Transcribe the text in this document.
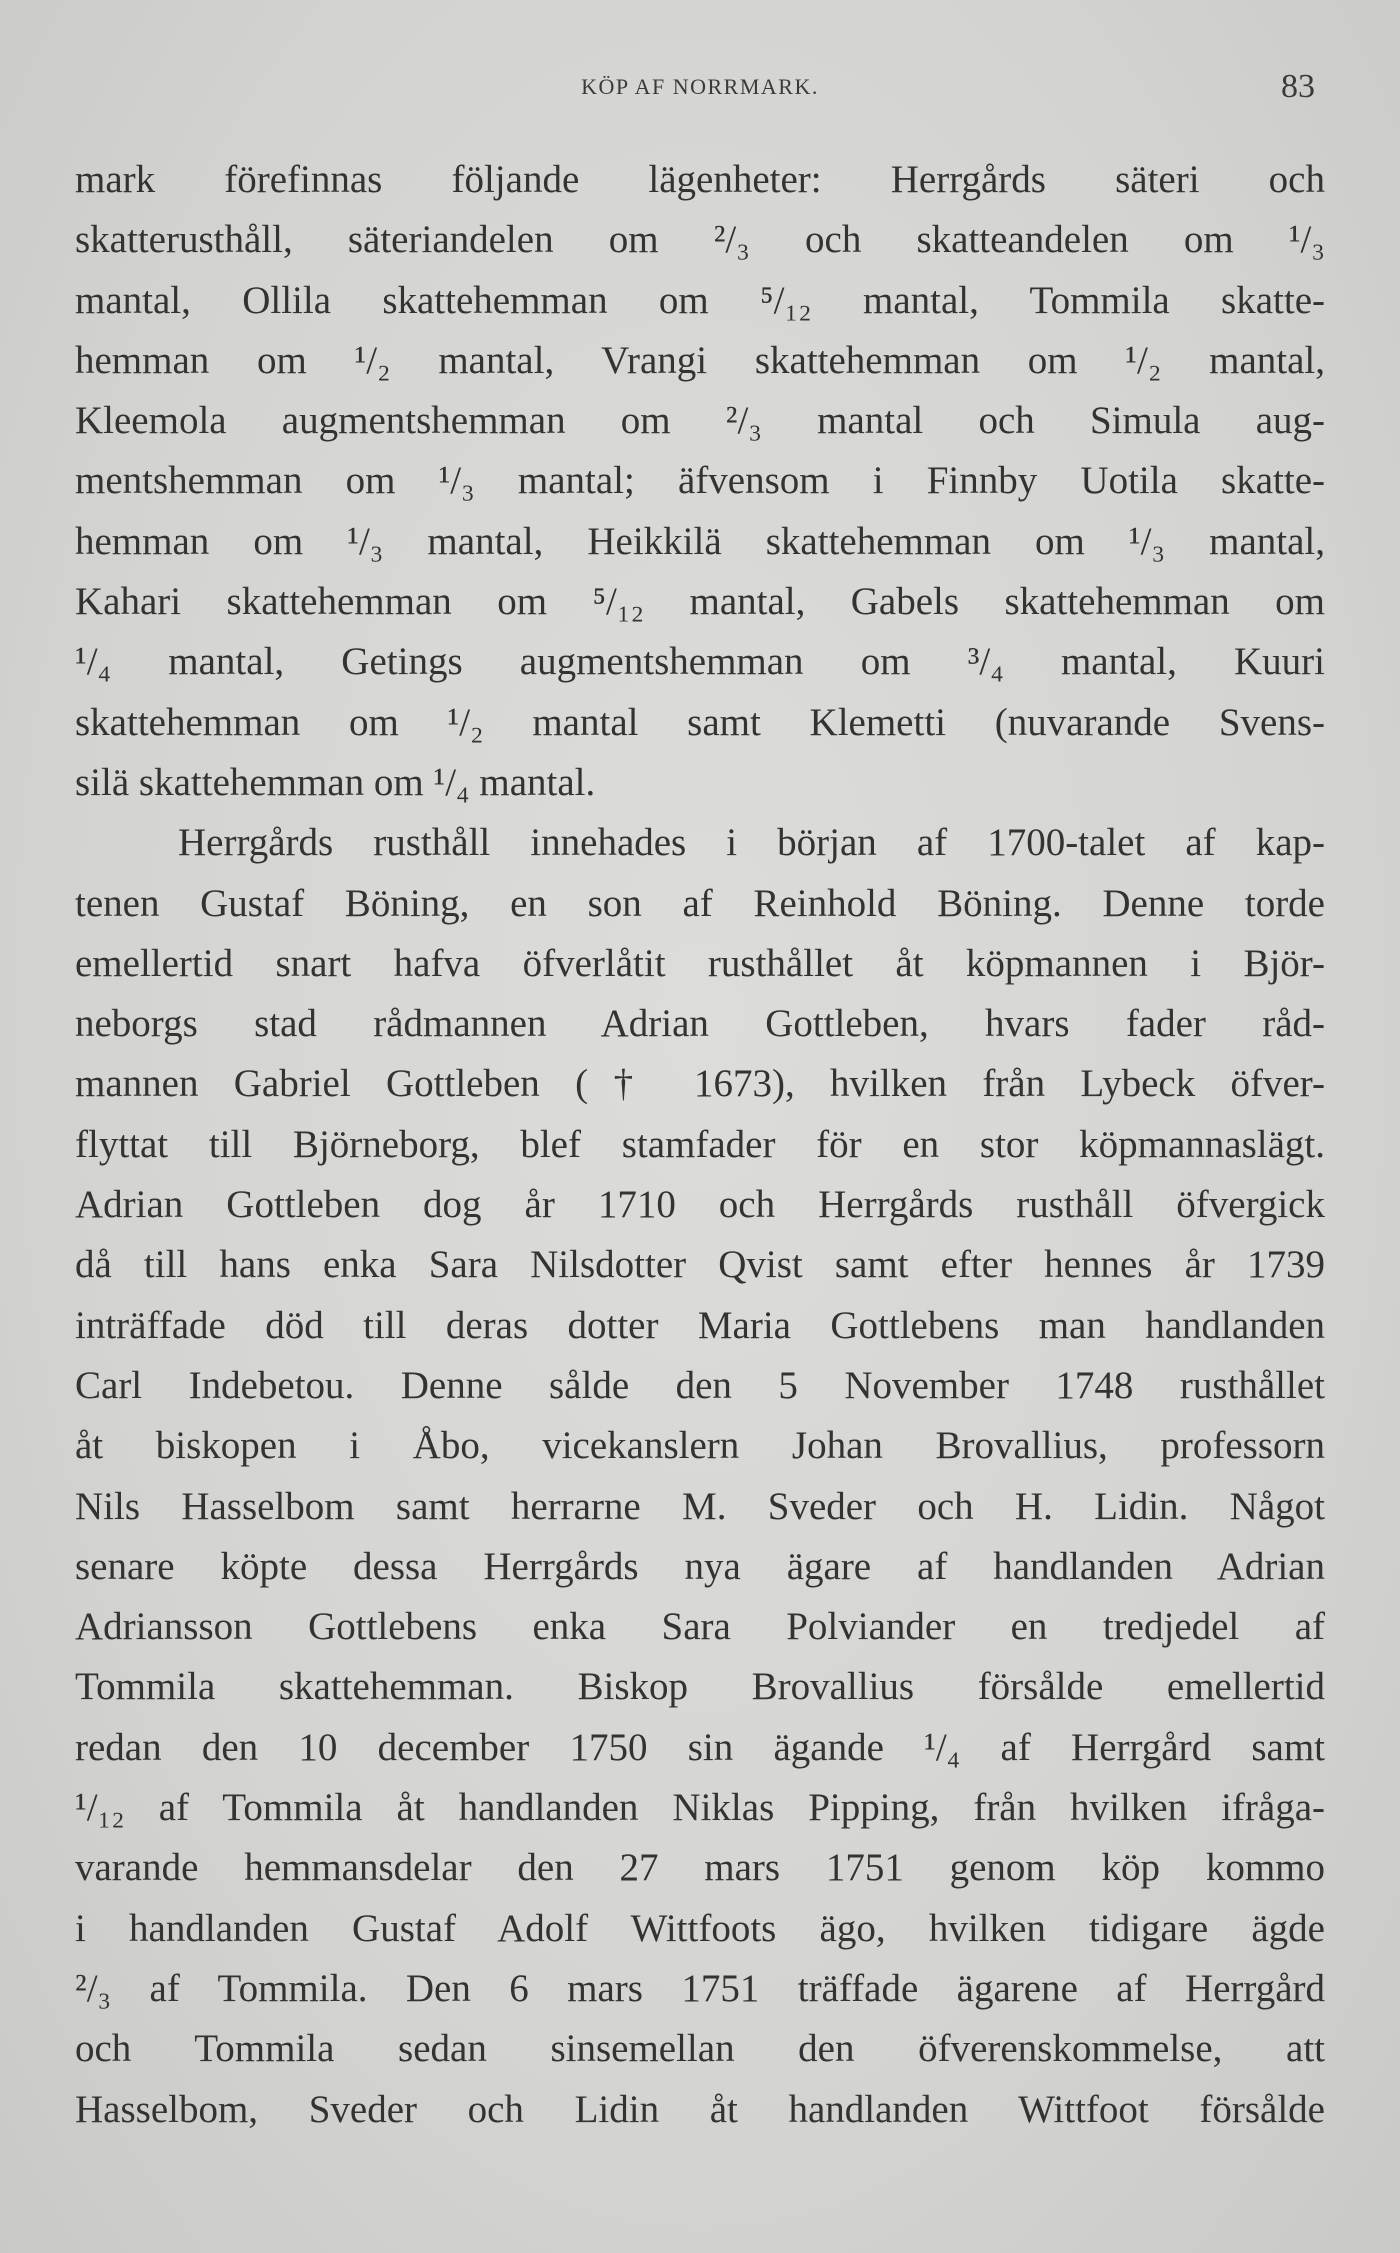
KÖP AF NORRMARK.	83
mark förefinnas följande lägenheter: Herrgårds säteri och
skatterusthåll, säteriandelen om ²/₃ och skatteandelen om ¹/₃
mantal, Ollila skattehemman om ⁵/₁₂ mantal, Tommila skatte-
hemman om ¹/₂ mantal, Vrangi skattehemman om ¹/₂ mantal,
Kleemola augmentshemman om ²/₃ mantal och Simula aug-
mentshemman om ¹/₃ mantal; äfvensom i Finnby Uotila skatte-
hemman om ¹/₃ mantal, Heikkilä skattehemman om ¹/₃ mantal,
Kahari skattehemman om ⁵/₁₂ mantal, Gabels skattehemman om
¹/₄ mantal, Getings augmentshemman om ³/₄ mantal, Kuuri
skattehemman om ¹/₂ mantal samt Klemetti (nuvarande Svens-
silä skattehemman om ¹/₄ mantal.
Herrgårds rusthåll innehades i början af 1700-talet af kap-
tenen Gustaf Böning, en son af Reinhold Böning. Denne torde
emellertid snart hafva öfverlåtit rusthållet åt köpmannen i Björ-
neborgs stad rådmannen Adrian Gottleben, hvars fader råd-
mannen Gabriel Gottleben († 1673), hvilken från Lybeck öfver-
flyttat till Björneborg, blef stamfader för en stor köpmannaslägt.
Adrian Gottleben dog år 1710 och Herrgårds rusthåll öfvergick
då till hans enka Sara Nilsdotter Qvist samt efter hennes år 1739
inträffade död till deras dotter Maria Gottlebens man handlanden
Carl Indebetou. Denne sålde den 5 November 1748 rusthållet
åt biskopen i Åbo, vicekanslern Johan Brovallius, professorn
Nils Hasselbom samt herrarne M. Sveder och H. Lidin. Något
senare köpte dessa Herrgårds nya ägare af handlanden Adrian
Adriansson Gottlebens enka Sara Polviander en tredjedel af
Tommila skattehemman. Biskop Brovallius försålde emellertid
redan den 10 december 1750 sin ägande ¹/₄ af Herrgård samt
¹/₁₂ af Tommila åt handlanden Niklas Pipping, från hvilken ifråga-
varande hemmansdelar den 27 mars 1751 genom köp kommo
i handlanden Gustaf Adolf Wittfoots ägo, hvilken tidigare ägde
²/₃ af Tommila. Den 6 mars 1751 träffade ägarene af Herrgård
och Tommila sedan sinsemellan den öfverenskommelse, att
Hasselbom, Sveder och Lidin åt handlanden Wittfoot försålde
